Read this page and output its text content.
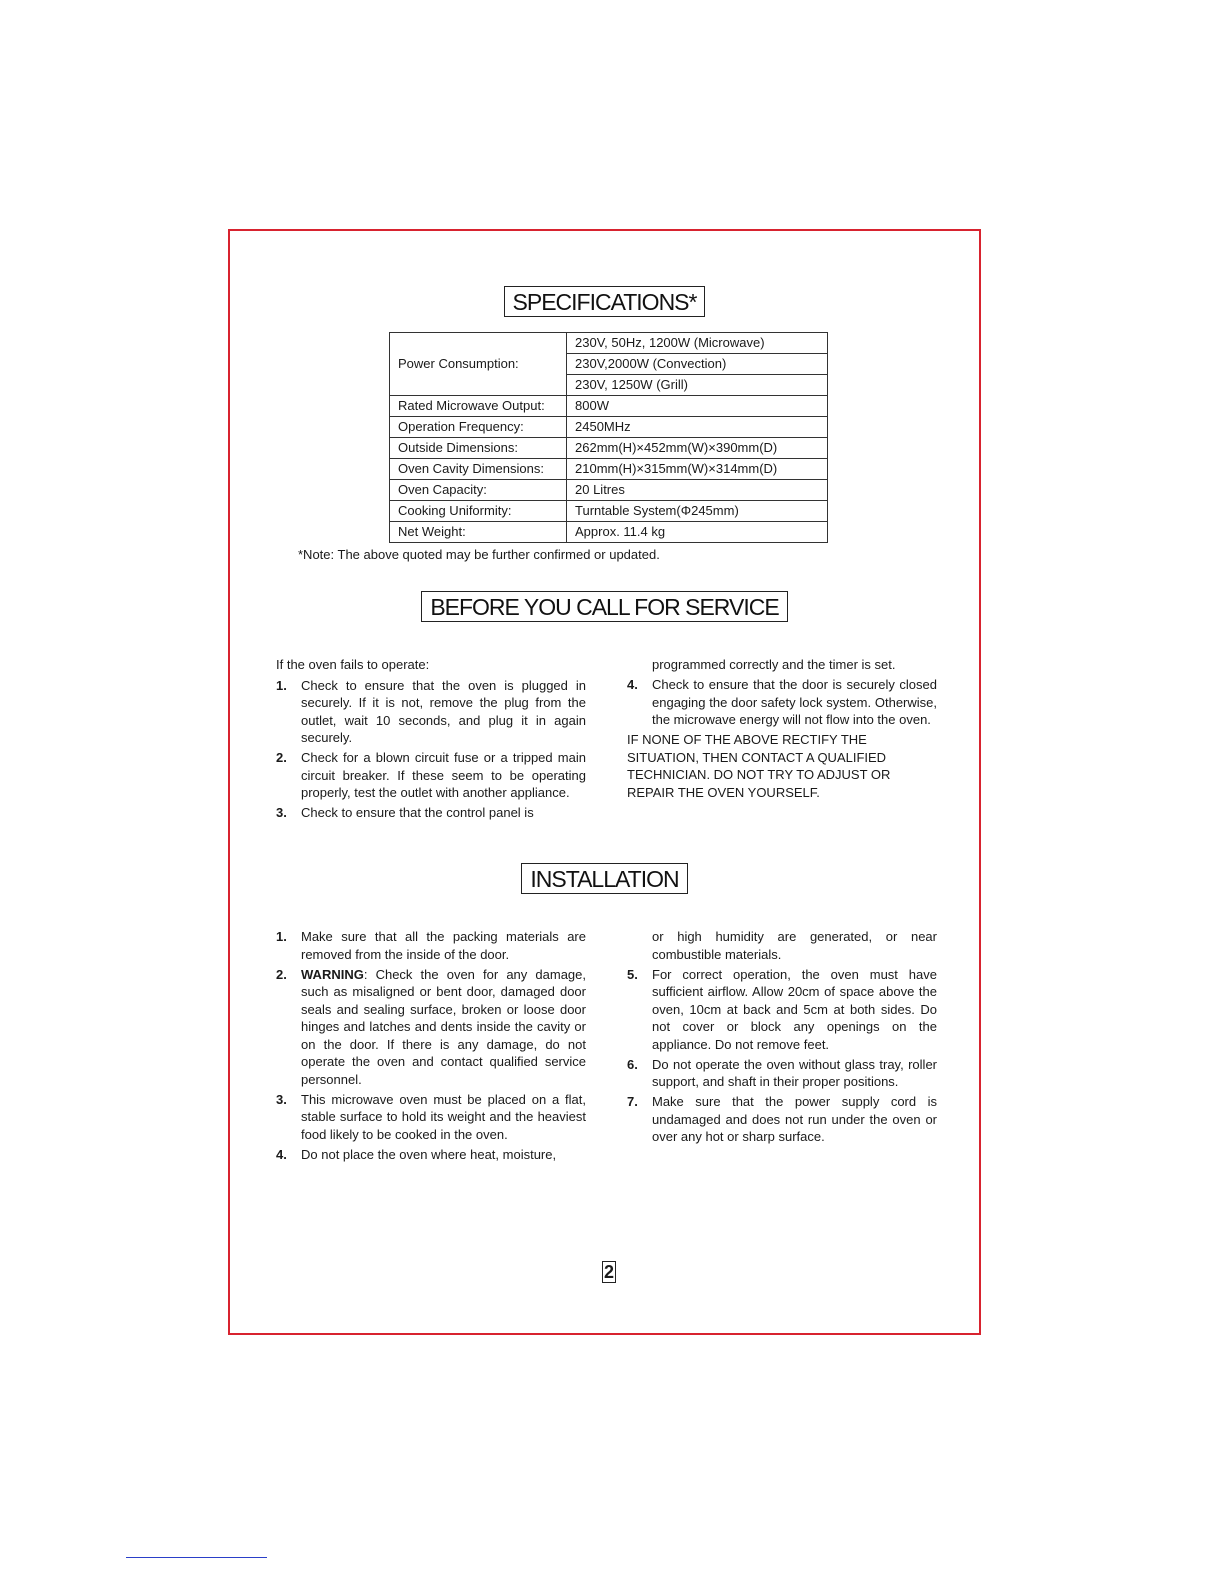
SPECIFICATIONS*
Power Consumption:	230V, 50Hz, 1200W (Microwave)
	230V,2000W (Convection)
	230V, 1250W (Grill)
Rated Microwave Output:	800W
Operation Frequency:	2450MHz
Outside Dimensions:	262mm(H)×452mm(W)×390mm(D)
Oven Cavity Dimensions:	210mm(H)×315mm(W)×314mm(D)
Oven Capacity:	20 Litres
Cooking Uniformity:	Turntable System(Φ245mm)
Net Weight:	Approx. 11.4 kg
*Note: The above quoted may be further confirmed or updated.
BEFORE YOU CALL FOR SERVICE

If the oven fails to operate:

1. Check to ensure that the oven is plugged in securely. If it is not, remove the plug from the outlet, wait 10 seconds, and plug it in again securely.
2. Check for a blown circuit fuse or a tripped main circuit breaker. If these seem to be operating properly, test the outlet with another appliance.
3. Check to ensure that the control panel is
programmed correctly and the timer is set.
4. Check to ensure that the door is securely closed engaging the door safety lock system. Otherwise, the microwave energy will not flow into the oven.

IF NONE OF THE ABOVE RECTIFY THE SITUATION, THEN CONTACT A QUALIFIED TECHNICIAN. DO NOT TRY TO ADJUST OR REPAIR THE OVEN YOURSELF.

INSTALLATION
1. Make sure that all the packing materials are removed from the inside of the door.
2. WARNING: Check the oven for any damage, such as misaligned or bent door, damaged door seals and sealing surface, broken or loose door hinges and latches and dents inside the cavity or on the door. If there is any damage, do not operate the oven and contact qualified service personnel.
3. This microwave oven must be placed on a flat, stable surface to hold its weight and the heaviest food likely to be cooked in the oven.
4. Do not place the oven where heat, moisture,
or high humidity are generated, or near combustible materials.
5. For correct operation, the oven must have sufficient airflow. Allow 20cm of space above the oven, 10cm at back and 5cm at both sides. Do not cover or block any openings on the appliance. Do not remove feet.
6. Do not operate the oven without glass tray, roller support, and shaft in their proper positions.
7. Make sure that the power supply cord is undamaged and does not run under the oven or over any hot or sharp surface.
2
